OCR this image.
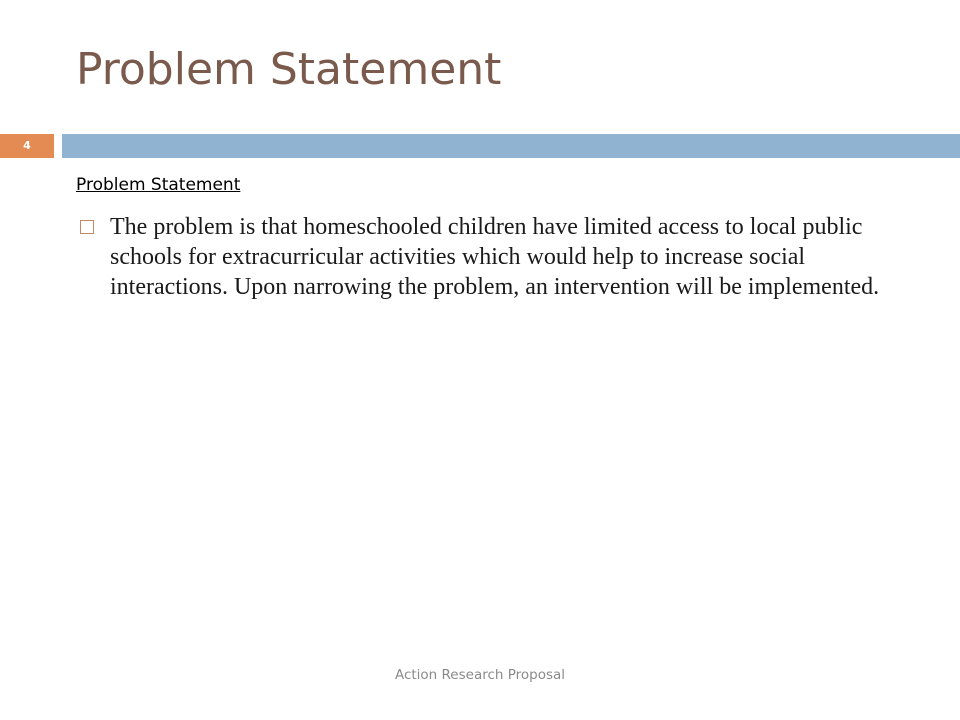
Problem Statement
4

Problem Statement

The problem is that homeschooled children have limited access to local public schools for extracurricular activities which would help to increase social interactions. Upon narrowing the problem, an intervention will be implemented.

Action Research Proposal
